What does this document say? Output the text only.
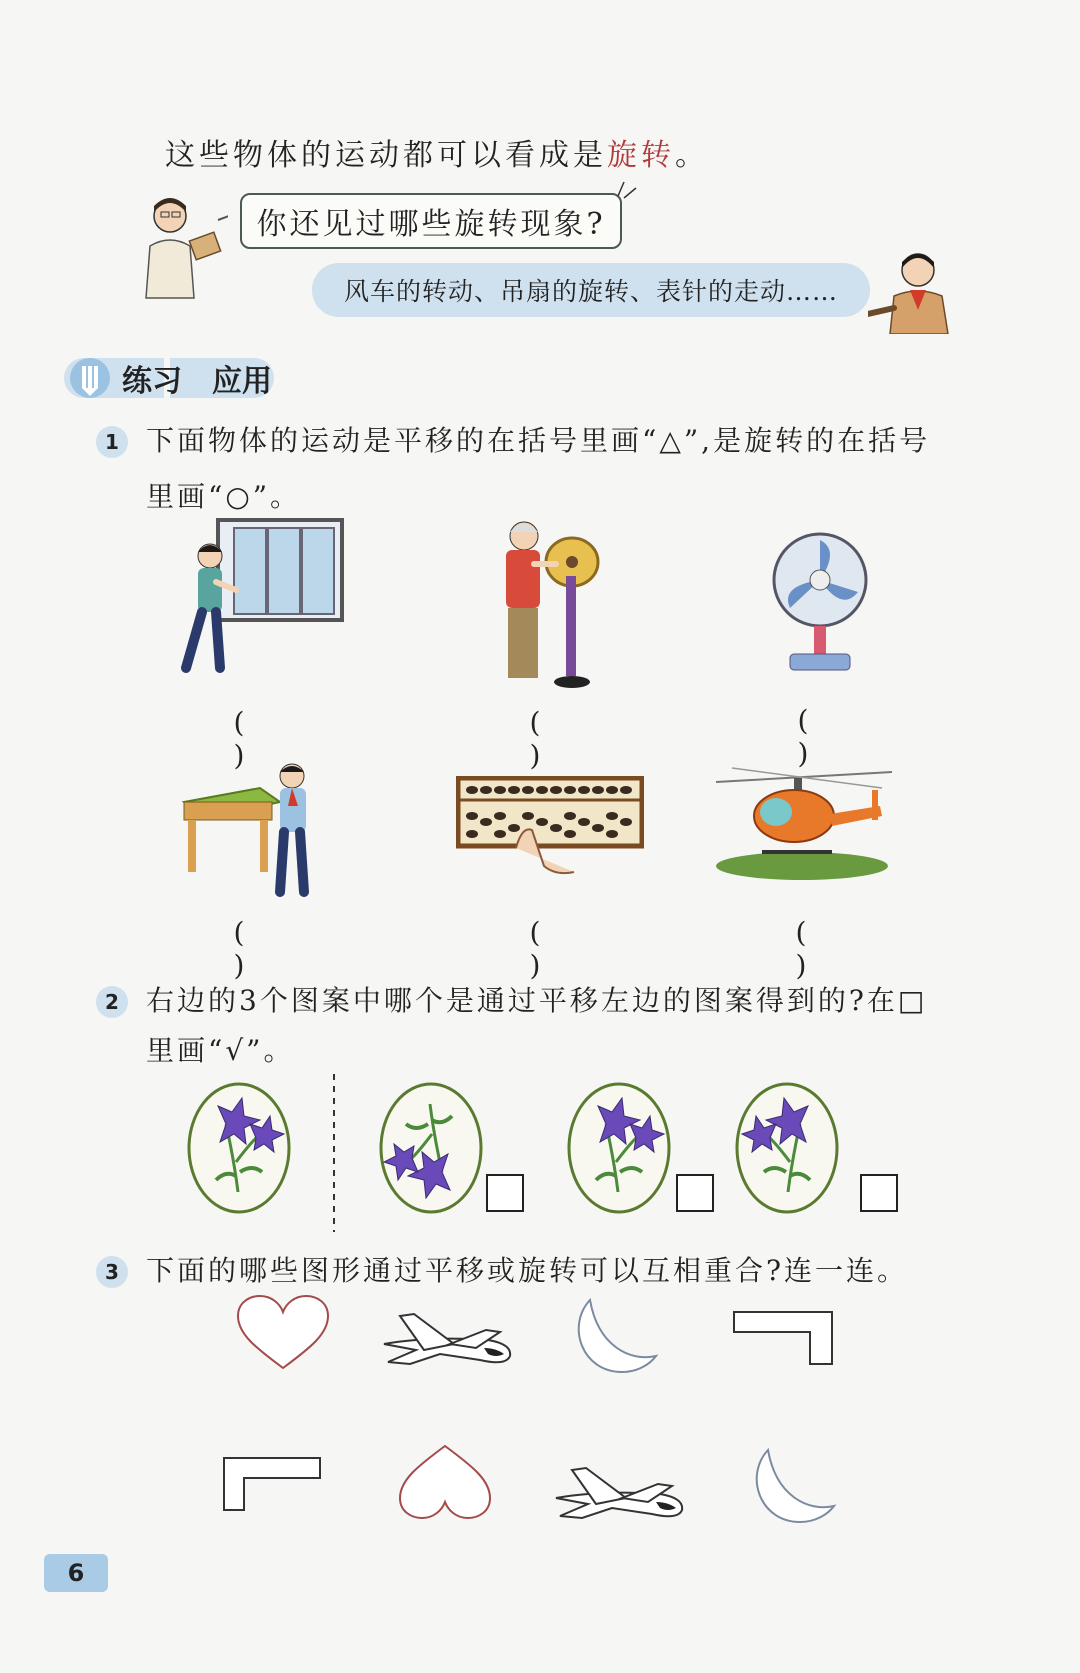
这些物体的运动都可以看成是旋转。
你还见过哪些旋转现象?
风车的转动、吊扇的旋转、表针的走动……
练习 应用
1 下面物体的运动是平移的在括号里画“△”,是旋转的在括号
里画“○”。
( )
( )
( )
( )
( )
( )
2 右边的3个图案中哪个是通过平移左边的图案得到的?在□
里画“√”。
3 下面的哪些图形通过平移或旋转可以互相重合?连一连。
6
